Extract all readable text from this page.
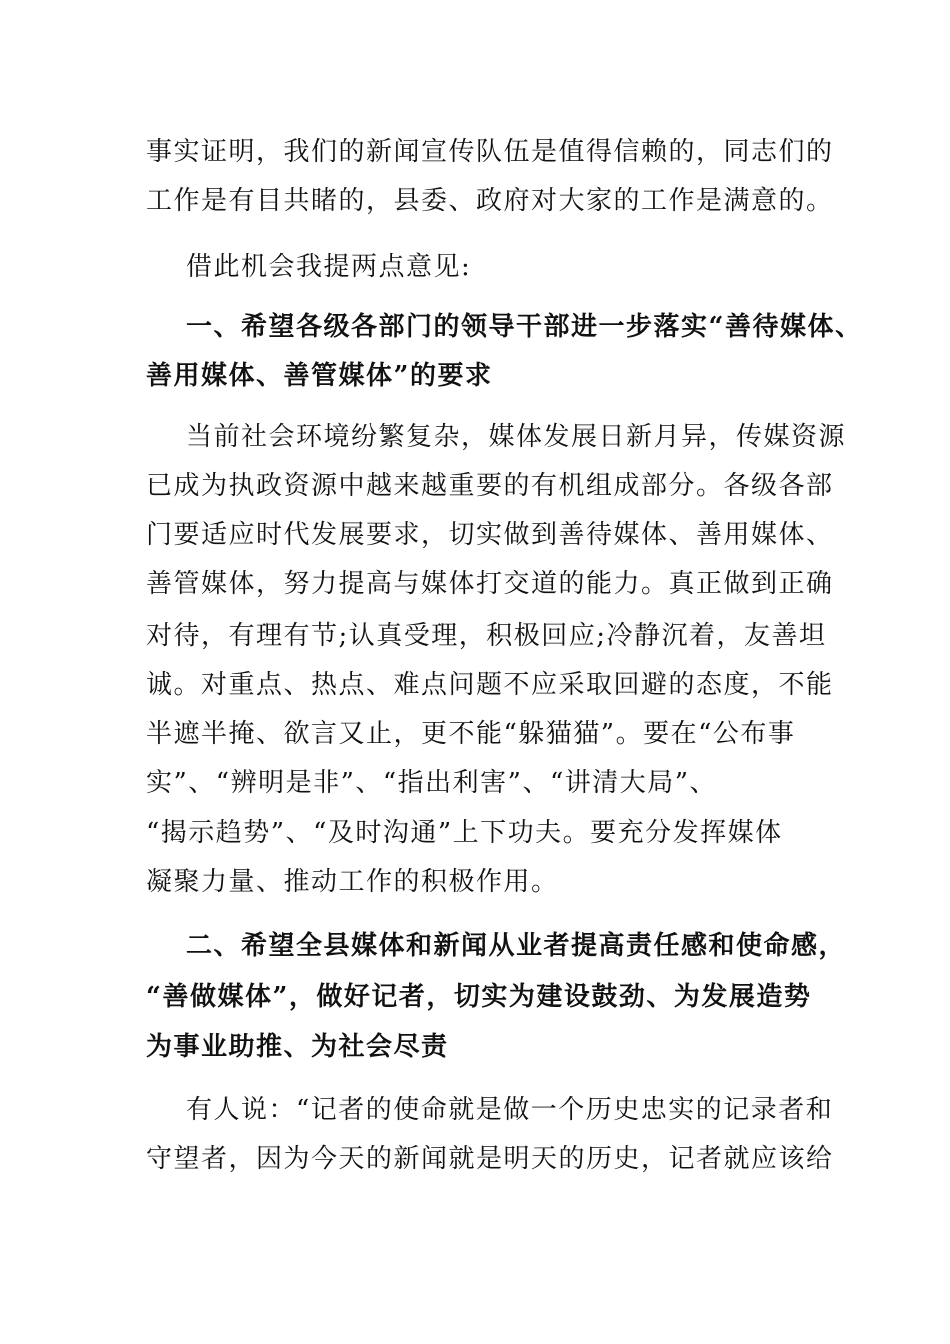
事实证明，我们的新闻宣传队伍是值得信赖的，同志们的
工作是有目共睹的，县委、政府对大家的工作是满意的。
借此机会我提两点意见:
一、希望各级各部门的领导干部进一步落实“善待媒体、
善用媒体、善管媒体”的要求
当前社会环境纷繁复杂，媒体发展日新月异，传媒资源
已成为执政资源中越来越重要的有机组成部分。各级各部
门要适应时代发展要求，切实做到善待媒体、善用媒体、
善管媒体，努力提高与媒体打交道的能力。真正做到正确
对待，有理有节;认真受理，积极回应;冷静沉着，友善坦
诚。对重点、热点、难点问题不应采取回避的态度，不能
半遮半掩、欲言又止，更不能“躲猫猫”。要在“公布事
实”、“辨明是非”、“指出利害”、“讲清大局”、
“揭示趋势”、“及时沟通”上下功夫。要充分发挥媒体
凝聚力量、推动工作的积极作用。
二、希望全县媒体和新闻从业者提高责任感和使命感，
“善做媒体”，做好记者，切实为建设鼓劲、为发展造势
为事业助推、为社会尽责
有人说：“记者的使命就是做一个历史忠实的记录者和
守望者，因为今天的新闻就是明天的历史，记者就应该给
